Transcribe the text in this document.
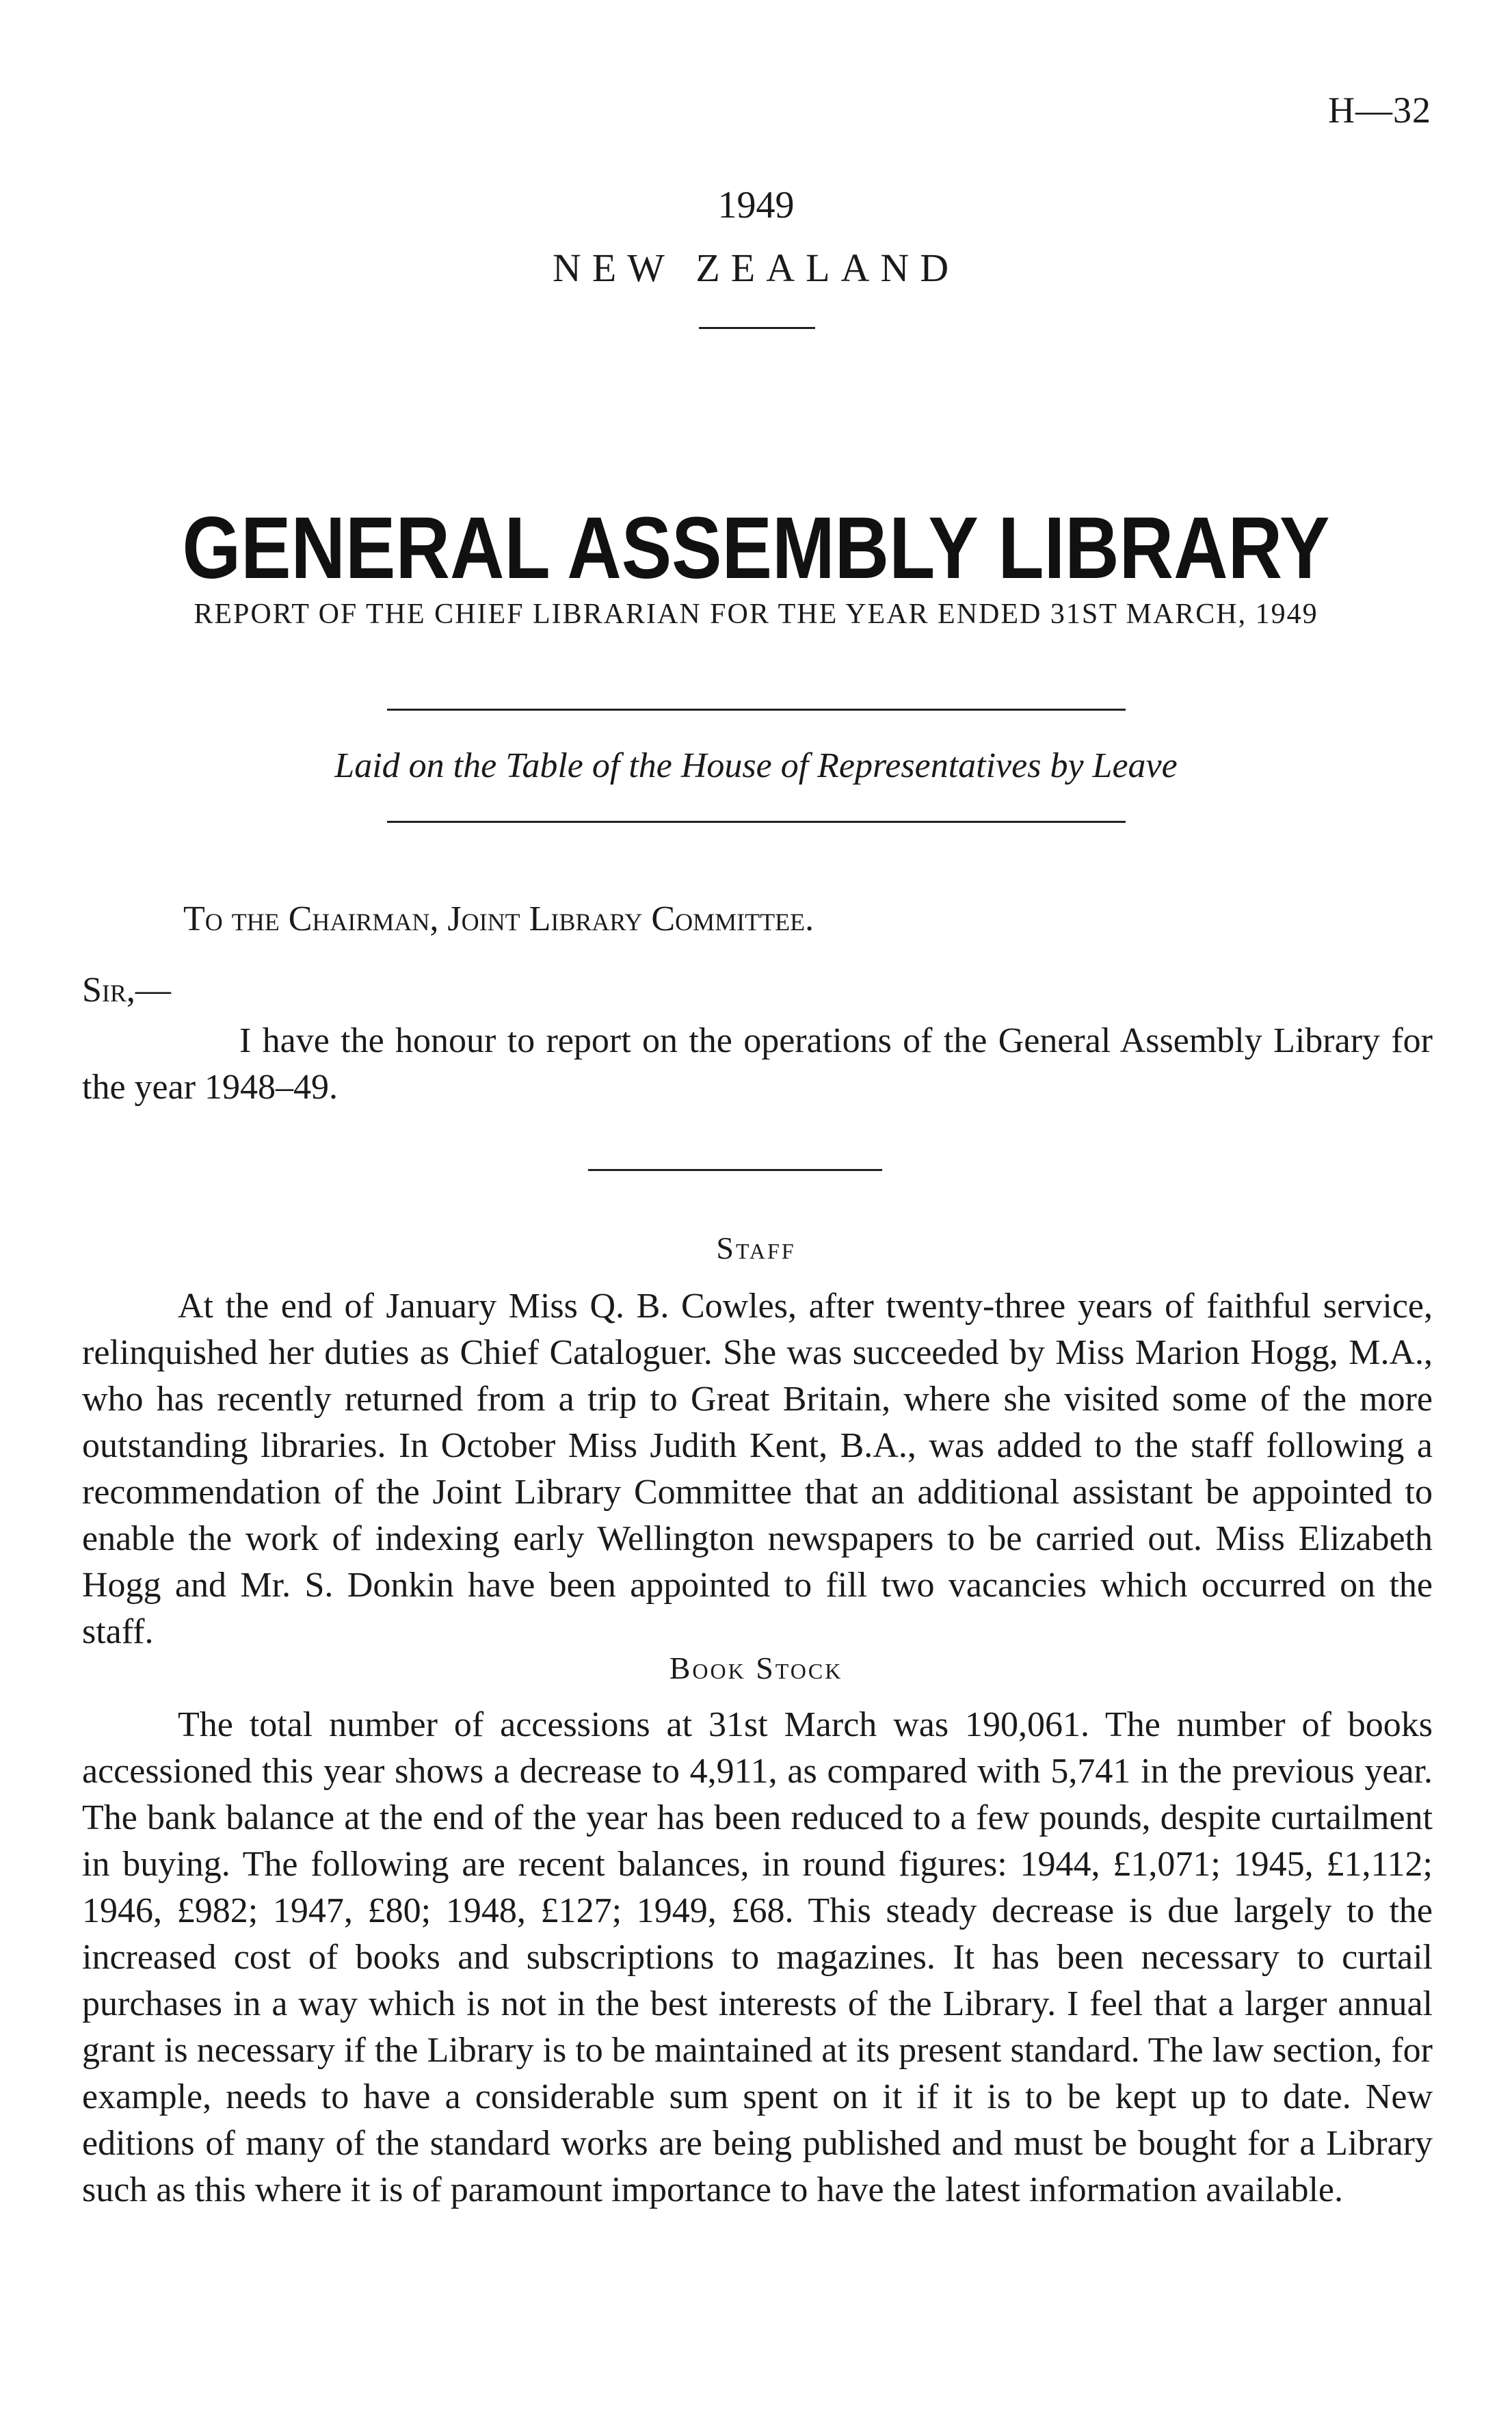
H—32
1949
NEW ZEALAND
GENERAL ASSEMBLY LIBRARY
REPORT OF THE CHIEF LIBRARIAN FOR THE YEAR ENDED 31ST MARCH, 1949
Laid on the Table of the House of Representatives by Leave
To the Chairman, Joint Library Committee.
Sir,—
I have the honour to report on the operations of the General Assembly Library for the year 1948–49.
Staff
At the end of January Miss Q. B. Cowles, after twenty-three years of faithful service, relinquished her duties as Chief Cataloguer. She was succeeded by Miss Marion Hogg, M.A., who has recently returned from a trip to Great Britain, where she visited some of the more outstanding libraries. In October Miss Judith Kent, B.A., was added to the staff following a recommendation of the Joint Library Committee that an additional assistant be appointed to enable the work of indexing early Wellington newspapers to be carried out. Miss Elizabeth Hogg and Mr. S. Donkin have been appointed to fill two vacancies which occurred on the staff.
Book Stock
The total number of accessions at 31st March was 190,061. The number of books accessioned this year shows a decrease to 4,911, as compared with 5,741 in the previous year. The bank balance at the end of the year has been reduced to a few pounds, despite curtailment in buying. The following are recent balances, in round figures: 1944, £1,071; 1945, £1,112; 1946, £982; 1947, £80; 1948, £127; 1949, £68. This steady decrease is due largely to the increased cost of books and subscriptions to magazines. It has been necessary to curtail purchases in a way which is not in the best interests of the Library. I feel that a larger annual grant is necessary if the Library is to be maintained at its present standard. The law section, for example, needs to have a considerable sum spent on it if it is to be kept up to date. New editions of many of the standard works are being published and must be bought for a Library such as this where it is of paramount importance to have the latest information available.
